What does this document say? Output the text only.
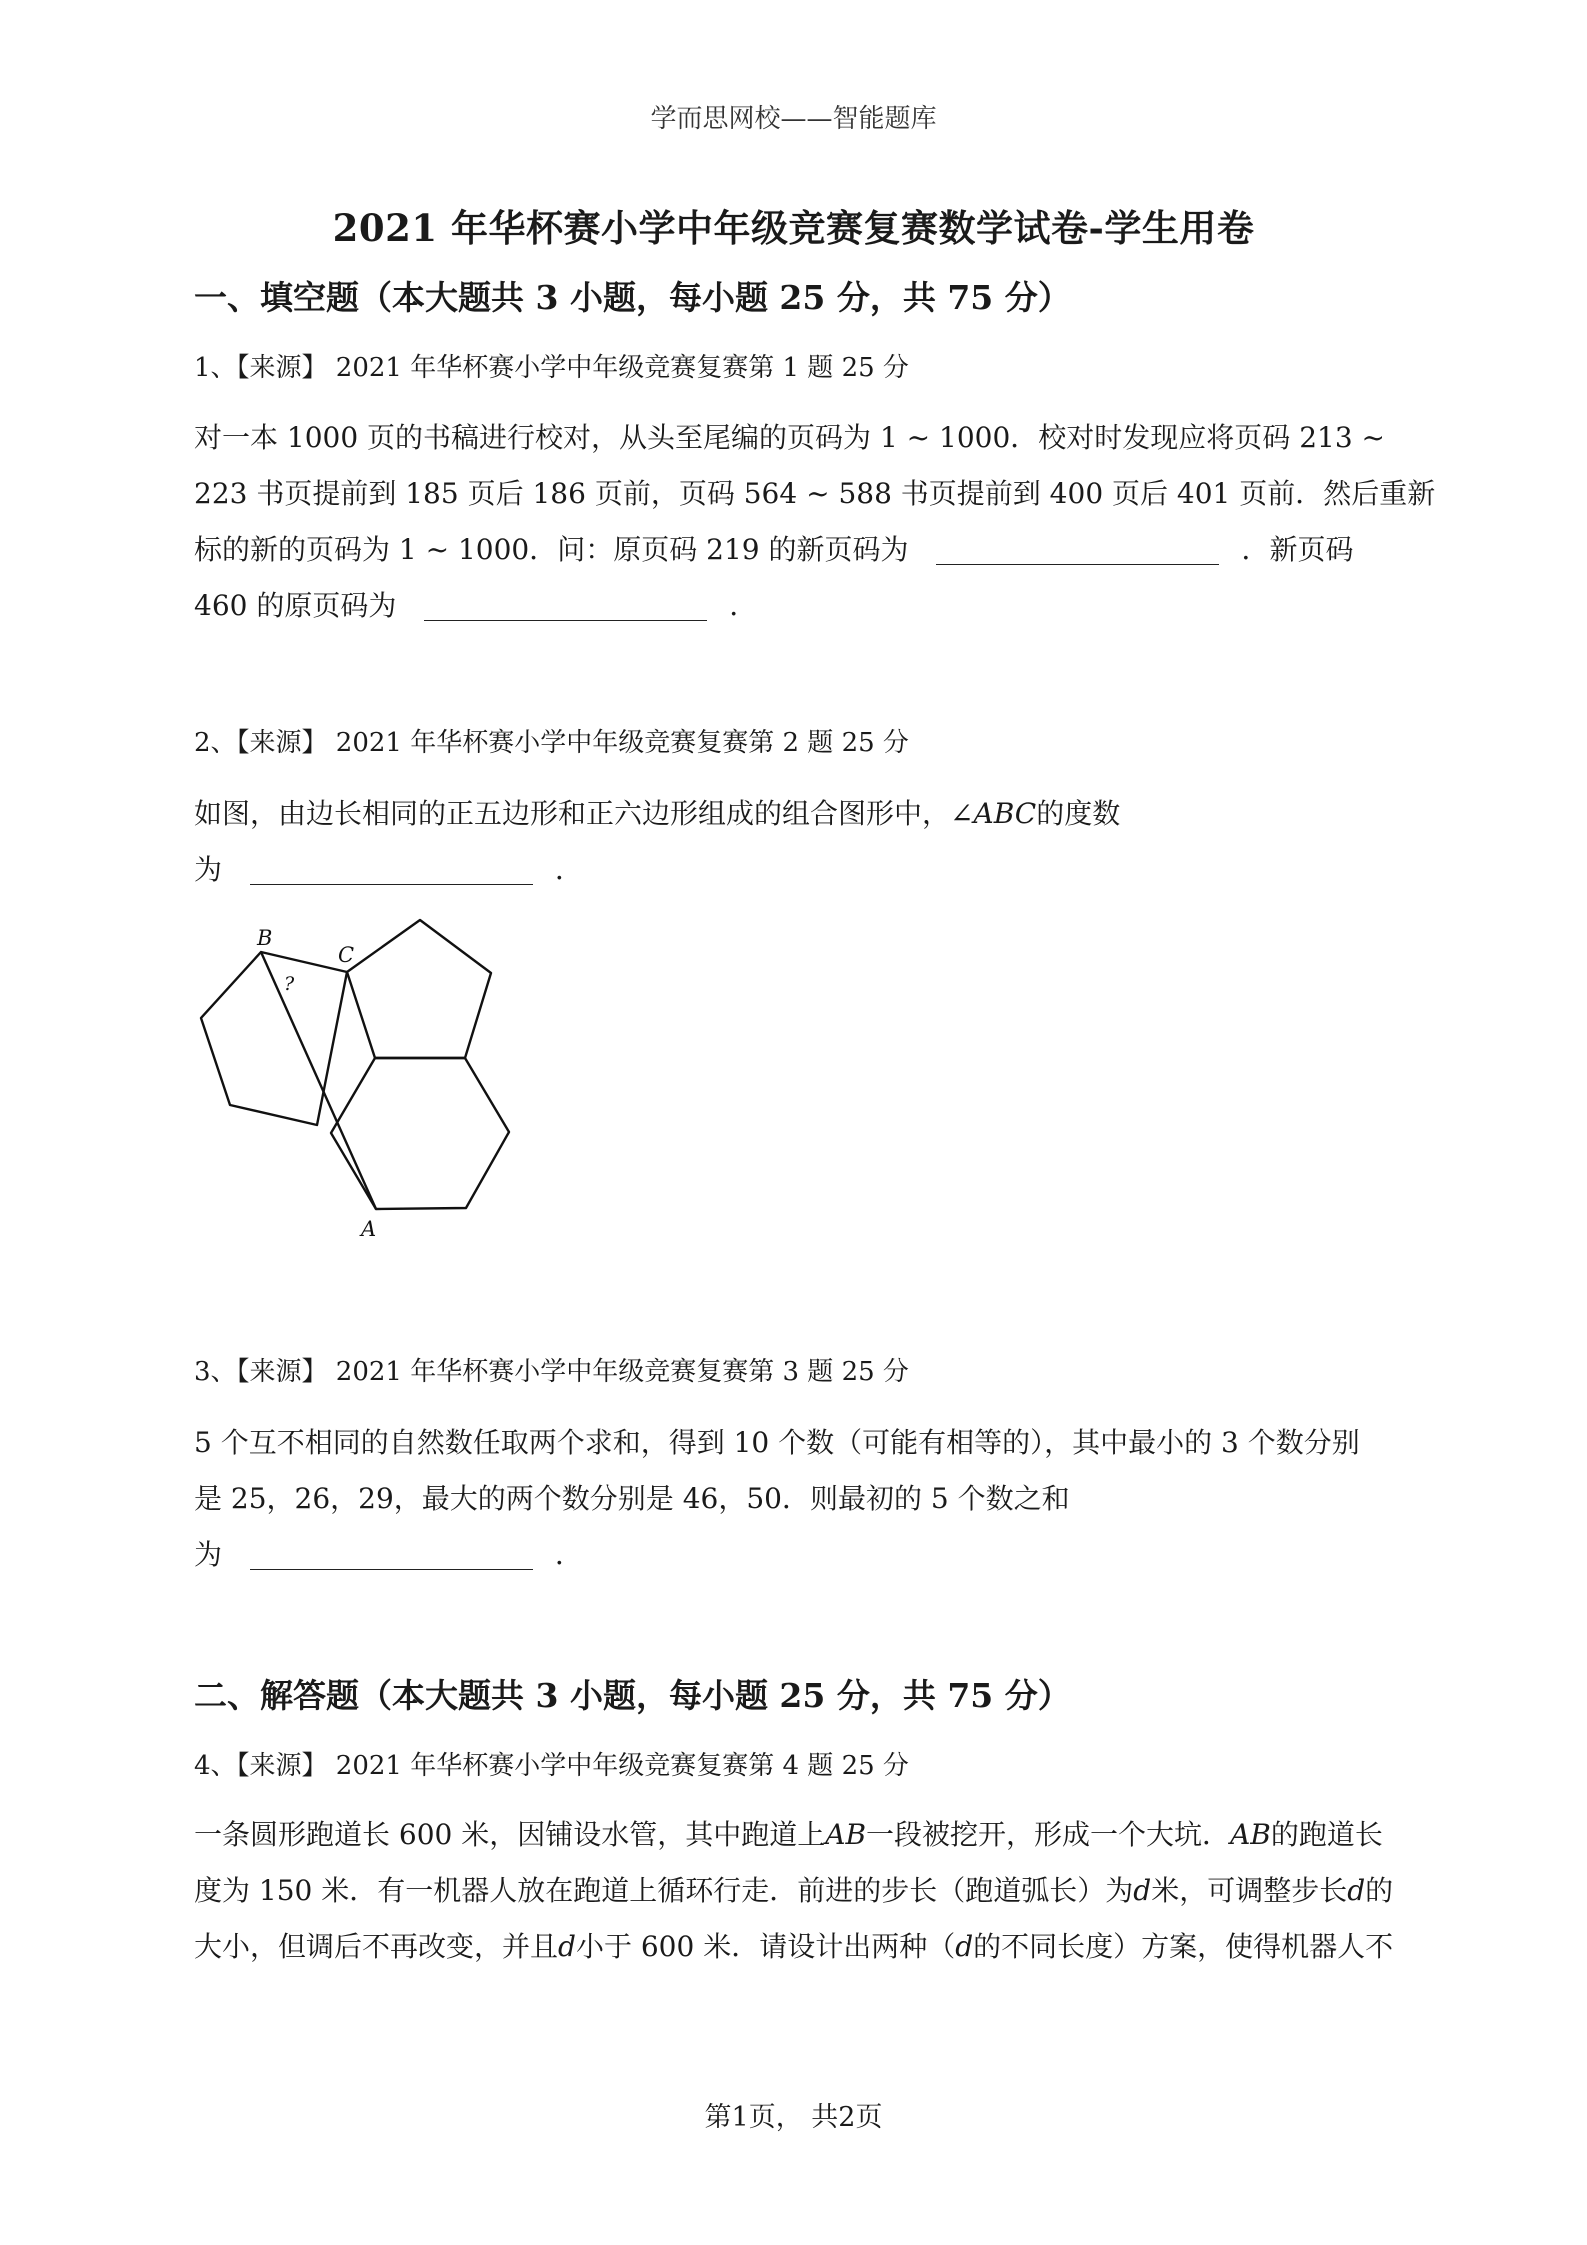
学而思网校——智能题库
2021 年华杯赛小学中年级竞赛复赛数学试卷-学生用卷
一、填空题（本大题共 3 小题，每小题 25 分，共 75 分）
1、【来源】 2021 年华杯赛小学中年级竞赛复赛第 1 题 25 分
对一本 1000 页的书稿进行校对，从头至尾编的页码为 1 ~ 1000．校对时发现应将页码 213 ~
223 书页提前到 185 页后 186 页前，页码 564 ~ 588 书页提前到 400 页后 401 页前．然后重新
标的新的页码为 1 ~ 1000．问：原页码 219 的新页码为	．新页码
460 的原页码为	．
2、【来源】 2021 年华杯赛小学中年级竞赛复赛第 2 题 25 分
如图，由边长相同的正五边形和正六边形组成的组合图形中，∠ABC的度数
为	．
B
C
?
A
3、【来源】 2021 年华杯赛小学中年级竞赛复赛第 3 题 25 分
5 个互不相同的自然数任取两个求和，得到 10 个数（可能有相等的），其中最小的 3 个数分别
是 25，26，29，最大的两个数分别是 46，50．则最初的 5 个数之和
为	．
二、解答题（本大题共 3 小题，每小题 25 分，共 75 分）
4、【来源】 2021 年华杯赛小学中年级竞赛复赛第 4 题 25 分
一条圆形跑道长 600 米，因铺设水管，其中跑道上AB一段被挖开，形成一个大坑．AB的跑道长
度为 150 米．有一机器人放在跑道上循环行走．前进的步长（跑道弧长）为d米，可调整步长d的
大小，但调后不再改变，并且d小于 600 米．请设计出两种（d的不同长度）方案，使得机器人不
第1页， 共2页
